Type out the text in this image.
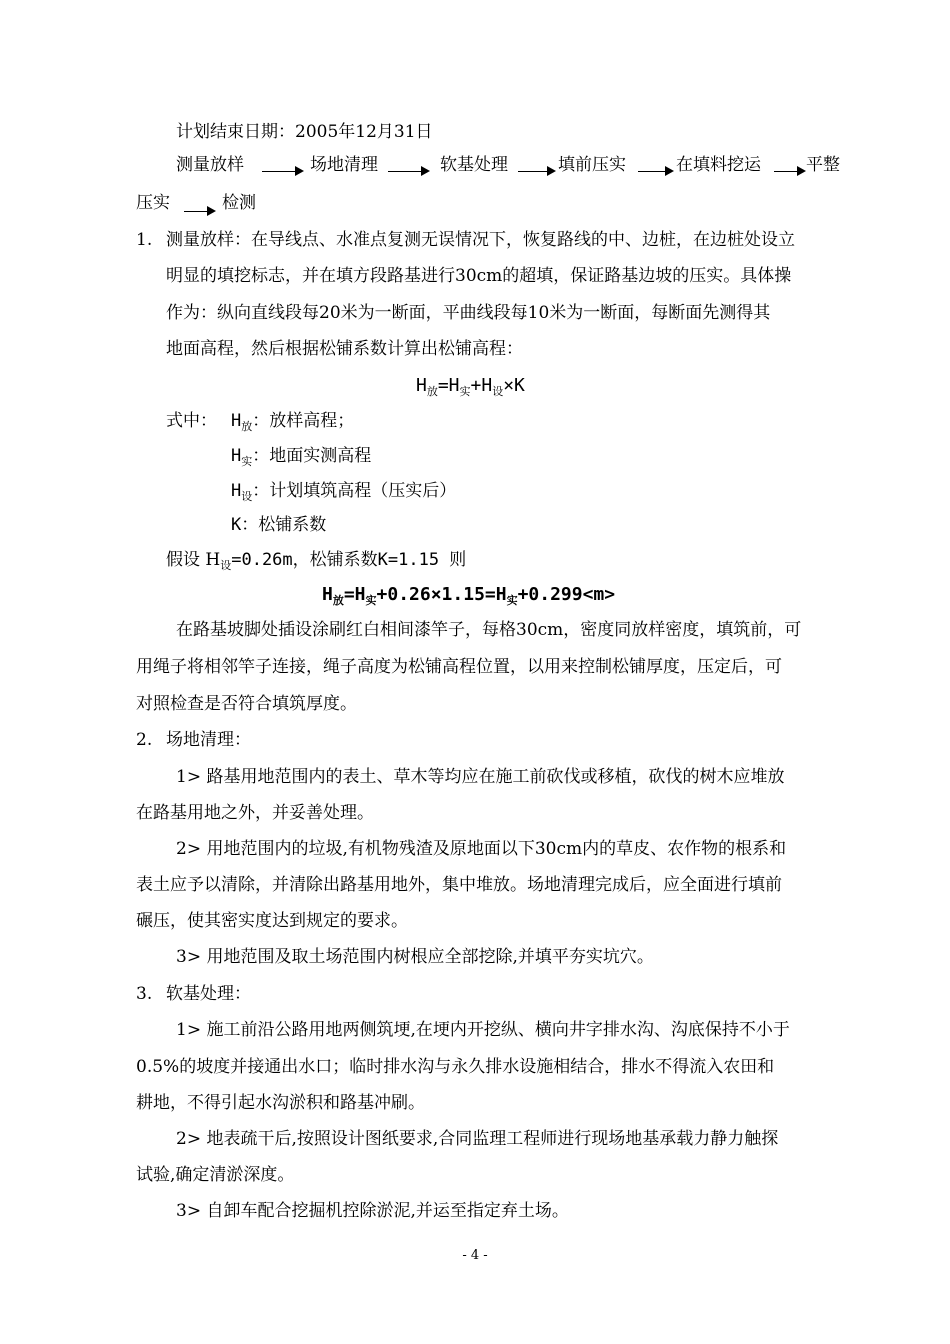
计划结束日期：2005年12月31日
测量放样	场地清理	软基处理	填前压实	在填料挖运	平整
压实	检测
1. 测量放样：在导线点、水准点复测无误情况下，恢复路线的中、边桩，在边桩处设立
明显的填挖标志，并在填方段路基进行30cm的超填，保证路基边坡的压实。具体操
作为：纵向直线段每20米为一断面，平曲线段每10米为一断面，每断面先测得其
地面高程，然后根据松铺系数计算出松铺高程：
$H_放=H_实+H_设\times K$
式中： $H_放$：放样高程；
$H_实$：地面实测高程
$H_设$：计划填筑高程（压实后）
K：松铺系数
假设 $H_设=0.26m$，松铺系数K=1.15 则
$H_放=H_实+0.26\times 1.15=H_实+0.299<m>$
在路基坡脚处插设涂刷红白相间漆竿子，每格30cm，密度同放样密度，填筑前，可
用绳子将相邻竿子连接，绳子高度为松铺高程位置，以用来控制松铺厚度，压定后，可
对照检查是否符合填筑厚度。
2. 场地清理：
1> 路基用地范围内的表土、草木等均应在施工前砍伐或移植，砍伐的树木应堆放
在路基用地之外，并妥善处理。
2> 用地范围内的垃圾,有机物残渣及原地面以下30cm内的草皮、农作物的根系和
表土应予以清除，并清除出路基用地外，集中堆放。场地清理完成后，应全面进行填前
碾压，使其密实度达到规定的要求。
3> 用地范围及取土场范围内树根应全部挖除,并填平夯实坑穴。
3. 软基处理：
1> 施工前沿公路用地两侧筑埂,在埂内开挖纵、横向井字排水沟、沟底保持不小于
0.5%的坡度并接通出水口；临时排水沟与永久排水设施相结合，排水不得流入农田和
耕地，不得引起水沟淤积和路基冲刷。
2> 地表疏干后,按照设计图纸要求,合同监理工程师进行现场地基承载力静力触探
试验,确定清淤深度。
3> 自卸车配合挖掘机控除淤泥,并运至指定弃土场。
- 4 -
